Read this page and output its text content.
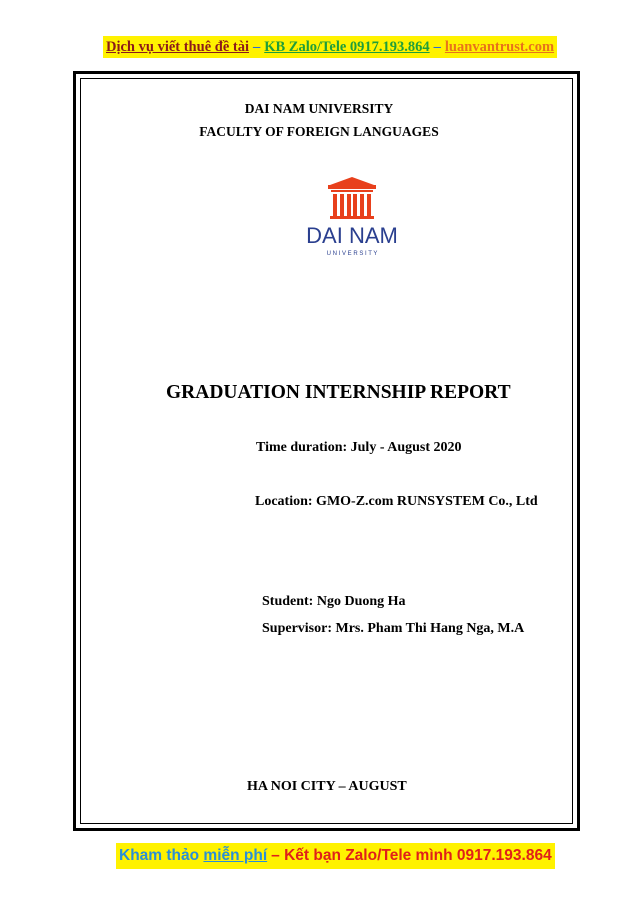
Dịch vụ viết thuê đề tài – KB Zalo/Tele 0917.193.864 – luanvantrust.com
DAI NAM UNIVERSITY
FACULTY OF FOREIGN LANGUAGES
DAI NAM
U N I V E R S I T Y
GRADUATION INTERNSHIP REPORT
Time duration: July - August 2020
Location: GMO-Z.com RUNSYSTEM Co., Ltd
Student: Ngo Duong Ha
Supervisor: Mrs. Pham Thi Hang Nga, M.A
HA NOI CITY – AUGUST
Kham thảo
miễn phí – Kết bạn Zalo/Tele mình 0917.193.864
